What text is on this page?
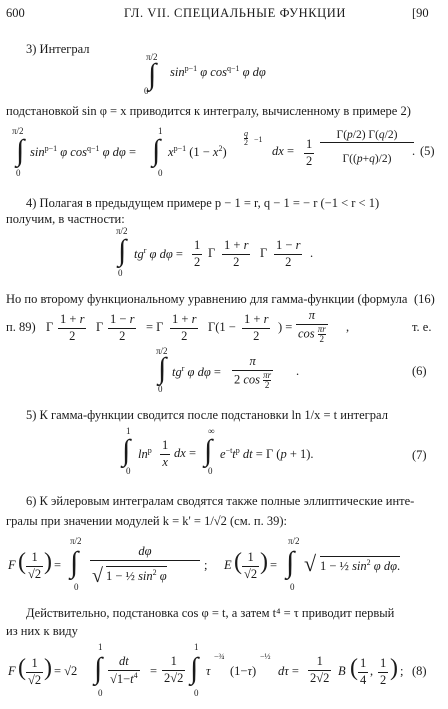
600	ГЛ. VII. СПЕЦИАЛЬНЫЕ ФУНКЦИИ	[90
3) Интеграл
π/2
∫
0
$\sin^{p-1} \varphi$ $\cos^{q-1} \varphi$ dφ
подстановкой sin φ = x приводится к интегралу, вычисленному в примере 2)
π/2
∫
0
$\sin^{p-1} \varphi$ $\cos^{q-1} \varphi$ dφ =
1
∫
0
$x^{p-1}$ $(1 - x^2)$
q
2 −1
dx = $\frac{1}{2}$
Γ(p/2) Γ(q/2)
Γ((p+q)/2)
. (5)
4) Полагая в предыдущем примере p − 1 = r, q − 1 = − r (−1 < r < 1)
получим, в частности:
π/2
∫
0
$tg^r$ φ $d\varphi = \frac{1}{2}$ Γ $\frac{1 + r}{2}$ Γ $\frac{1 - r}{2}$ .
Но по второму функциональному уравнению для гамма-функции (формула (16)
п. 89) Γ $\frac{1 + r}{2}$ Γ $\frac{1 - r}{2} = \Gamma \frac{1 + r}{2} \Gamma(1 - \frac{1 + r}{2}$ ) = $\frac{\pi}{\cos \frac{\pi r}{2}}$ ,	т. е.
π/2
∫
0
$tg^r$ φ $d\varphi = \frac{\pi}{2 \cos \frac{\pi r}{2}}$ .	(6)
5) К гамма-функции сводится после подстановки ln 1/x = t интеграл
1
∫
0
$\ln^p \frac{1}{x}$ dx =
∞
∫
0
$e^{-t}t^p$ dt = Γ (p + 1).	(7)
6) К эйлеровым интегралам сводятся также полные эллиптические инте-
гралы при значении модулей k = k' = 1/√2 (см. п. 39):
F ( $\frac{1}{√2}$ ) =
π/2
∫
0
dφ
√ 1 − ½ $\sin^2 \varphi$
; E ( $\frac{1}{√2}$ ) =
π/2
∫
0
√ 1 − ½ $\sin^2 \varphi$ dφ.
Действительно, подстановка cos φ = t, а затем t⁴ = τ приводит первый
из них к виду
F ( $\frac{1}{√2}$ ) = √2
1
∫
0
$\frac{dt}{√1-t^4} = \frac{1}{2√2}$
1
∫
0
τ
−¾
(1−τ)
−½
$d\tau = \frac{1}{2√2}$ B ( $\frac{1}{4}$ , $\frac{1}{2}$ ) ; (8)
